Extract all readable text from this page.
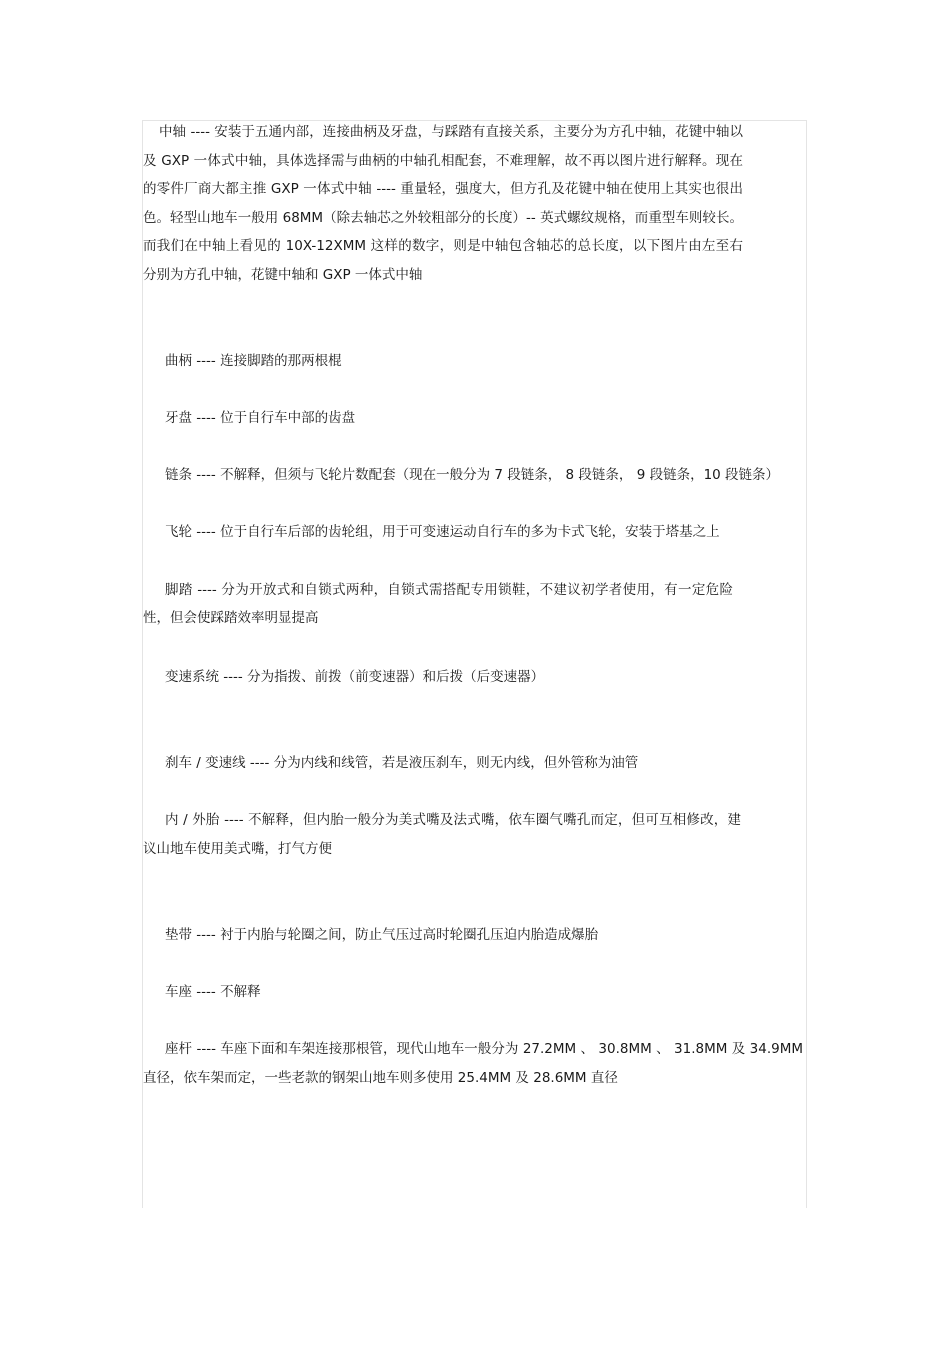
中轴 ---- 安装于五通内部，连接曲柄及牙盘，与踩踏有直接关系，主要分为方孔中轴，花键中轴以及 GXP 一体式中轴，具体选择需与曲柄的中轴孔相配套，不难理解，故不再以图片进行解释。现在的零件厂商大都主推 GXP 一体式中轴 ---- 重量轻，强度大，但方孔及花键中轴在使用上其实也很出色。轻型山地车一般用 68MM（除去轴芯之外较粗部分的长度）-- 英式螺纹规格，而重型车则较长。而我们在中轴上看见的 10X-12XMM 这样的数字，则是中轴包含轴芯的总长度，以下图片由左至右分别为方孔中轴，花键中轴和 GXP 一体式中轴

曲柄 ---- 连接脚踏的那两根棍

牙盘 ---- 位于自行车中部的齿盘

链条 ---- 不解释，但须与飞轮片数配套（现在一般分为 7 段链条， 8 段链条， 9 段链条，10 段链条）

飞轮 ---- 位于自行车后部的齿轮组，用于可变速运动自行车的多为卡式飞轮，安装于塔基之上

脚踏 ---- 分为开放式和自锁式两种，自锁式需搭配专用锁鞋，不建议初学者使用，有一定危险性，但会使踩踏效率明显提高

变速系统 ---- 分为指拨、前拨（前变速器）和后拨（后变速器）

刹车 / 变速线 ---- 分为内线和线管，若是液压刹车，则无内线，但外管称为油管

内 / 外胎 ---- 不解释，但内胎一般分为美式嘴及法式嘴，依车圈气嘴孔而定，但可互相修改，建议山地车使用美式嘴，打气方便

垫带 ---- 衬于内胎与轮圈之间，防止气压过高时轮圈孔压迫内胎造成爆胎

车座 ---- 不解释

座杆 ---- 车座下面和车架连接那根管，现代山地车一般分为 27.2MM 、 30.8MM 、 31.8MM 及 34.9MM 直径，依车架而定，一些老款的钢架山地车则多使用 25.4MM 及 28.6MM 直径
